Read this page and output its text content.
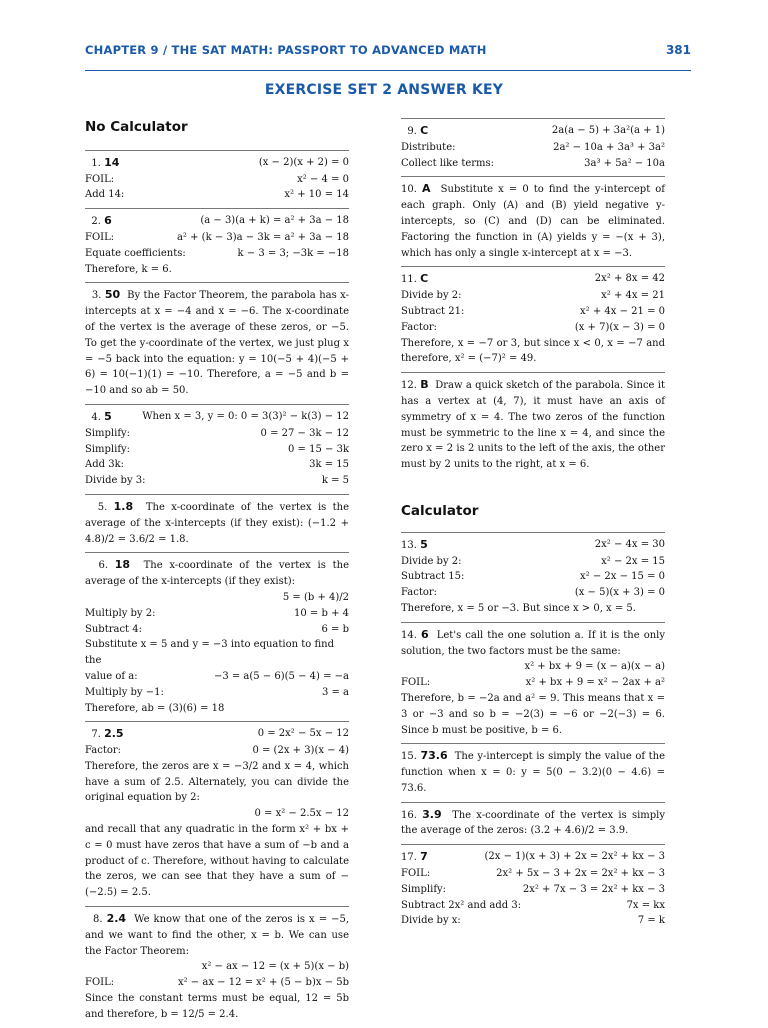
CHAPTER 9 / THE SAT MATH: PASSPORT TO ADVANCED MATH	381
EXERCISE SET 2 ANSWER KEY
No Calculator
1. 14	(x − 2)(x + 2) = 0
FOIL:	x² − 4 = 0
Add 14:	x² + 10 = 14
2. 6	(a − 3)(a + k) = a² + 3a − 18
FOIL:	a² + (k − 3)a − 3k = a² + 3a − 18
Equate coefficients:	k − 3 = 3; −3k = −18
Therefore, k = 6.
3. 50 By the Factor Theorem, the parabola has x-intercepts at x = −4 and x = −6. The x-coordinate of the vertex is the average of these zeros, or −5. To get the y-coordinate of the vertex, we just plug x = −5 back into the equation: y = 10(−5 + 4)(−5 + 6) = 10(−1)(1) = −10. Therefore, a = −5 and b = −10 and so ab = 50.
4. 5	When x = 3, y = 0: 0 = 3(3)² − k(3) − 12
Simplify:	0 = 27 − 3k − 12
Simplify:	0 = 15 − 3k
Add 3k:	3k = 15
Divide by 3:	k = 5
5. 1.8 The x-coordinate of the vertex is the average of the x-intercepts (if they exist): (−1.2 + 4.8)/2 = 3.6/2 = 1.8.
6. 18 The x-coordinate of the vertex is the average of the x-intercepts (if they exist):
5 = (b + 4)/2
Multiply by 2:	10 = b + 4
Subtract 4:	6 = b
Substitute x = 5 and y = −3 into equation to find the
value of a:	−3 = a(5 − 6)(5 − 4) = −a
Multiply by −1:	3 = a
Therefore, ab = (3)(6) = 18
7. 2.5	0 = 2x² − 5x − 12
Factor:	0 = (2x + 3)(x − 4)
Therefore, the zeros are x = −3/2 and x = 4, which have a sum of 2.5. Alternately, you can divide the original equation by 2:
0 = x² − 2.5x − 12
and recall that any quadratic in the form x² + bx + c = 0 must have zeros that have a sum of −b and a product of c. Therefore, without having to calculate the zeros, we can see that they have a sum of −(−2.5) = 2.5.
8. 2.4 We know that one of the zeros is x = −5, and we want to find the other, x = b. We can use the Factor Theorem:
x² − ax − 12 = (x + 5)(x − b)
FOIL:	x² − ax − 12 = x² + (5 − b)x − 5b
Since the constant terms must be equal, 12 = 5b and therefore, b = 12/5 = 2.4.
9. C	2a(a − 5) + 3a²(a + 1)
Distribute:	2a² − 10a + 3a³ + 3a²
Collect like terms:	3a³ + 5a² − 10a
10. A Substitute x = 0 to find the y-intercept of each graph. Only (A) and (B) yield negative y-intercepts, so (C) and (D) can be eliminated. Factoring the function in (A) yields y = −(x + 3), which has only a single x-intercept at x = −3.
11. C	2x² + 8x = 42
Divide by 2:	x² + 4x = 21
Subtract 21:	x² + 4x − 21 = 0
Factor:	(x + 7)(x − 3) = 0
Therefore, x = −7 or 3, but since x < 0, x = −7 and therefore, x² = (−7)² = 49.
12. B Draw a quick sketch of the parabola. Since it has a vertex at (4, 7), it must have an axis of symmetry of x = 4. The two zeros of the function must be symmetric to the line x = 4, and since the zero x = 2 is 2 units to the left of the axis, the other must by 2 units to the right, at x = 6.
Calculator
13. 5	2x² − 4x = 30
Divide by 2:	x² − 2x = 15
Subtract 15:	x² − 2x − 15 = 0
Factor:	(x − 5)(x + 3) = 0
Therefore, x = 5 or −3. But since x > 0, x = 5.
14. 6 Let's call the one solution a. If it is the only solution, the two factors must be the same:
x² + bx + 9 = (x − a)(x − a)
FOIL:	x² + bx + 9 = x² − 2ax + a²
Therefore, b = −2a and a² = 9. This means that x = 3 or −3 and so b = −2(3) = −6 or −2(−3) = 6. Since b must be positive, b = 6.
15. 73.6 The y-intercept is simply the value of the function when x = 0: y = 5(0 − 3.2)(0 − 4.6) = 73.6.
16. 3.9 The x-coordinate of the vertex is simply the average of the zeros: (3.2 + 4.6)/2 = 3.9.
17. 7	(2x − 1)(x + 3) + 2x = 2x² + kx − 3
FOIL:	2x² + 5x − 3 + 2x = 2x² + kx − 3
Simplify:	2x² + 7x − 3 = 2x² + kx − 3
Subtract 2x² and add 3:	7x = kx
Divide by x:	7 = k
